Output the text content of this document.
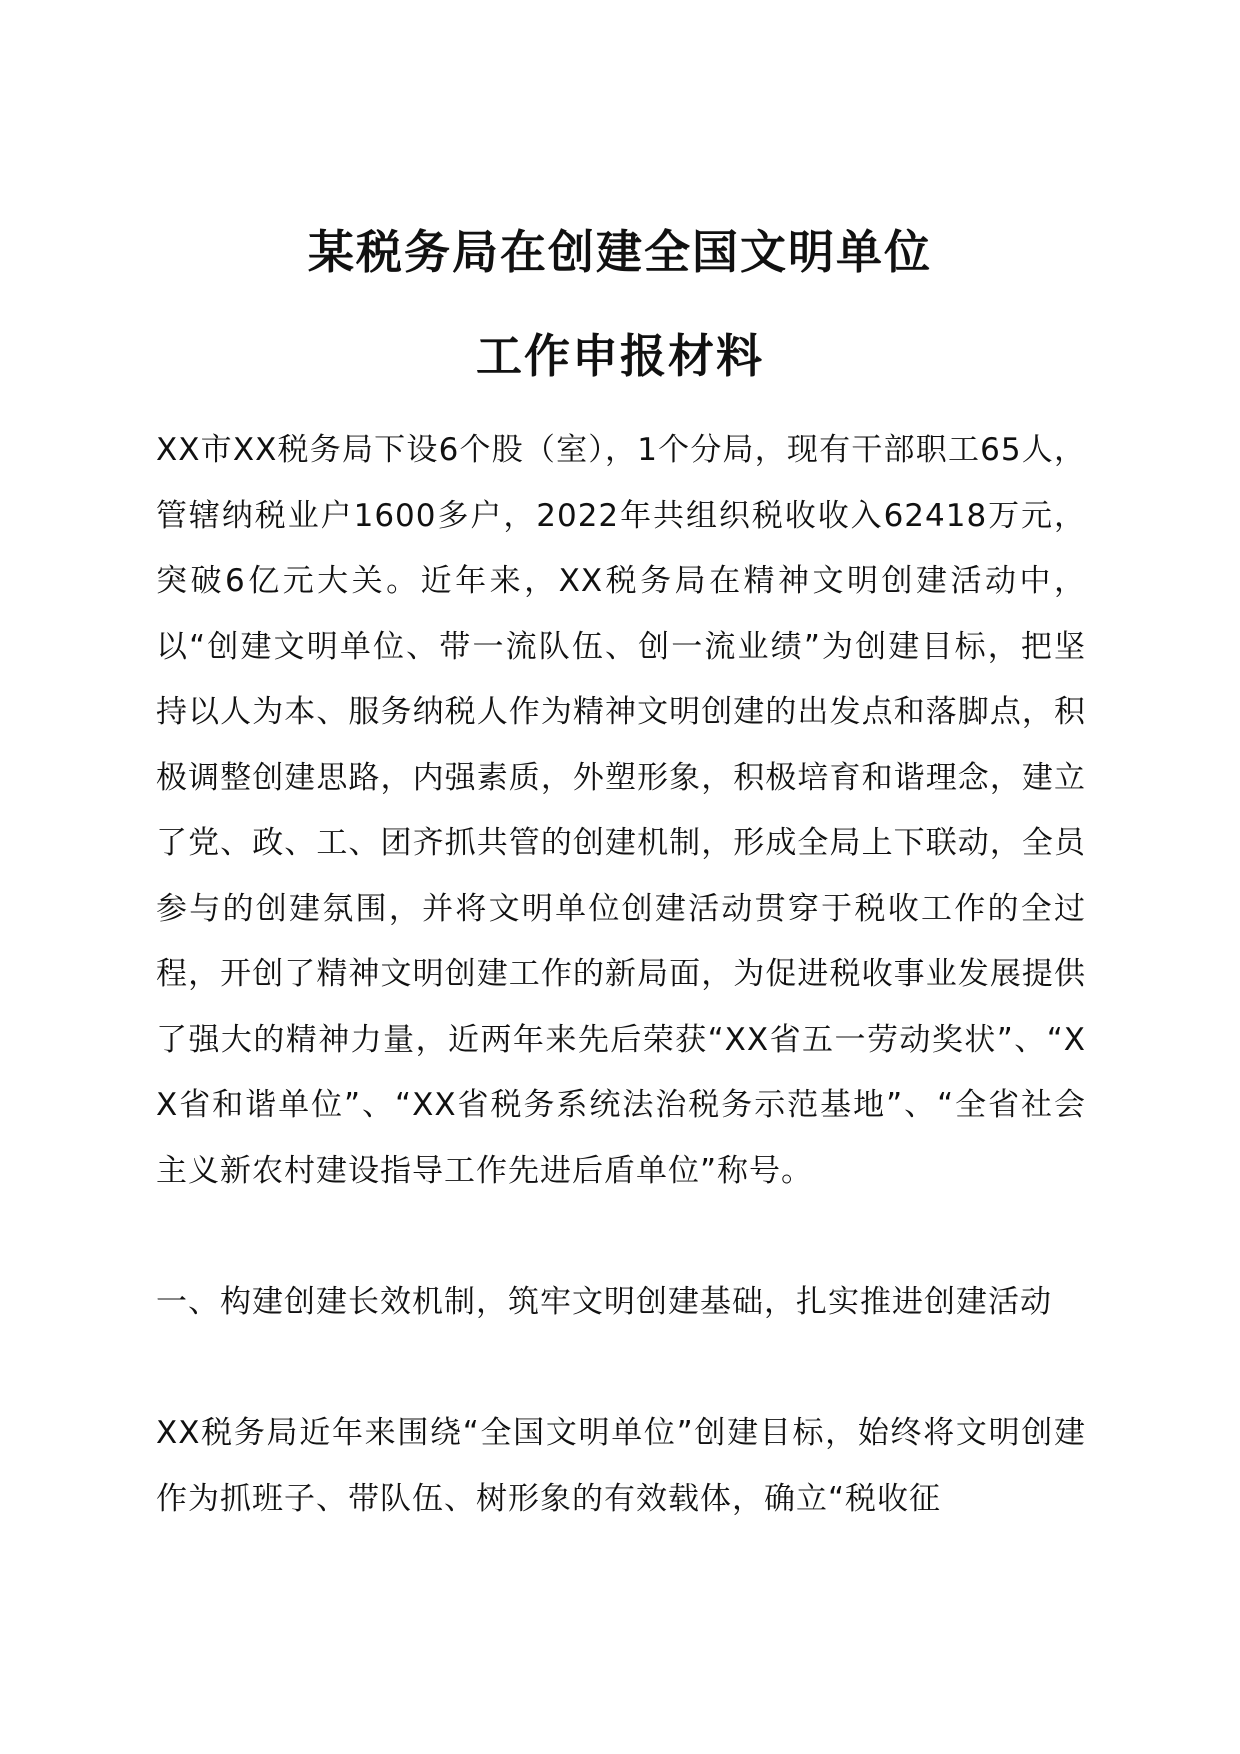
某税务局在创建全国文明单位
工作申报材料

XX市XX税务局下设6个股（室），1个分局，现有干部职工65人，管辖纳税业户1600多户，2022年共组织税收收入62418万元，突破6亿元大关。近年来，XX税务局在精神文明创建活动中，以“创建文明单位、带一流队伍、创一流业绩”为创建目标，把坚持以人为本、服务纳税人作为精神文明创建的出发点和落脚点，积极调整创建思路，内强素质，外塑形象，积极培育和谐理念，建立了党、政、工、团齐抓共管的创建机制，形成全局上下联动，全员参与的创建氛围，并将文明单位创建活动贯穿于税收工作的全过程，开创了精神文明创建工作的新局面，为促进税收事业发展提供了强大的精神力量，近两年来先后荣获“XX省五一劳动奖状”、“XX省和谐单位”、“XX省税务系统法治税务示范基地”、“全省社会主义新农村建设指导工作先进后盾单位”称号。

一、构建创建长效机制，筑牢文明创建基础，扎实推进创建活动

XX税务局近年来围绕“全国文明单位”创建目标，始终将文明创建作为抓班子、带队伍、树形象的有效载体，确立“税收征
